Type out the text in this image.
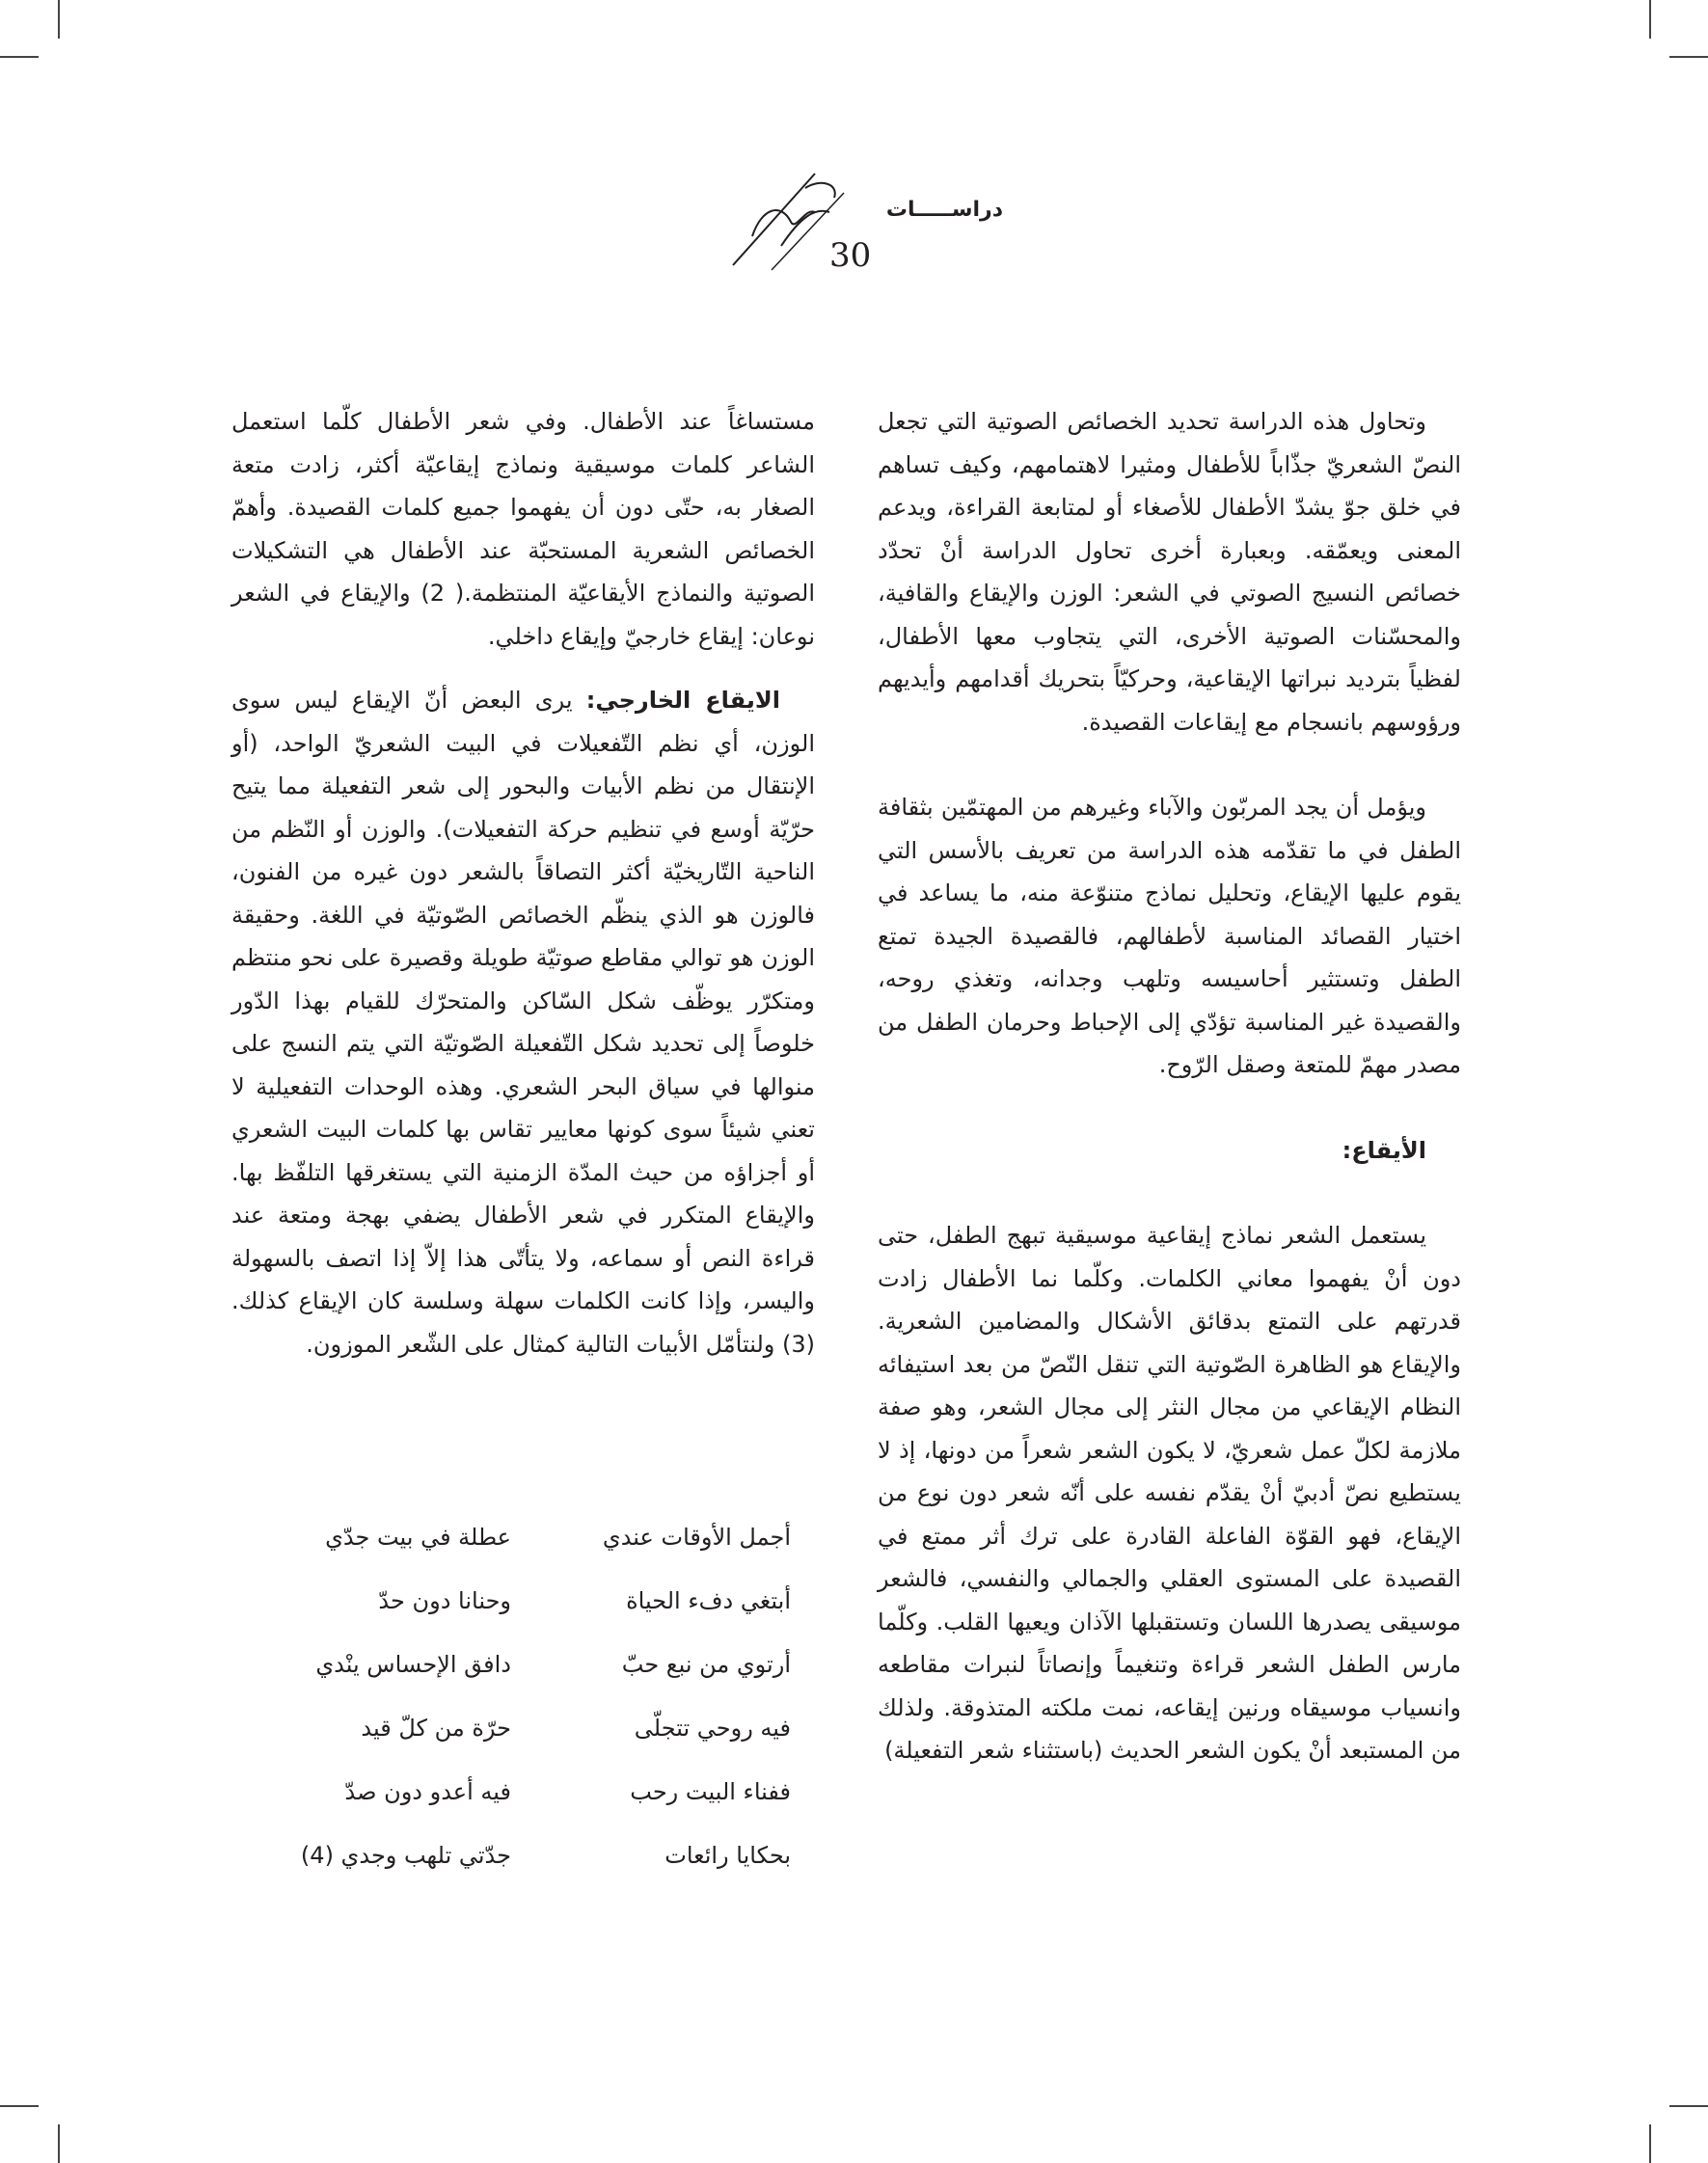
دراســـــات
30

وتحاول هذه الدراسة تحديد الخصائص الصوتية التي تجعل النصّ الشعريّ جذّاباً للأطفال ومثيرا لاهتمامهم، وكيف تساهم في خلق جوّ يشدّ الأطفال للأصغاء أو لمتابعة القراءة، ويدعم المعنى ويعمّقه. وبعبارة أخرى تحاول الدراسة أنْ تحدّد خصائص النسيج الصوتي في الشعر: الوزن والإيقاع والقافية، والمحسّنات الصوتية الأخرى، التي يتجاوب معها الأطفال، لفظياً بترديد نبراتها الإيقاعية، وحركيّاً بتحريك أقدامهم وأيديهم ورؤوسهم بانسجام مع إيقاعات القصيدة.

ويؤمل أن يجد المربّون والآباء وغيرهم من المهتمّين بثقافة الطفل في ما تقدّمه هذه الدراسة من تعريف بالأسس التي يقوم عليها الإيقاع، وتحليل نماذج متنوّعة منه، ما يساعد في اختيار القصائد المناسبة لأطفالهم، فالقصيدة الجيدة تمتع الطفل وتستثير أحاسيسه وتلهب وجدانه، وتغذي روحه، والقصيدة غير المناسبة تؤدّي إلى الإحباط وحرمان الطفل من مصدر مهمّ للمتعة وصقل الرّوح.

الأيقاع:

يستعمل الشعر نماذج إيقاعية موسيقية تبهج الطفل، حتى دون أنْ يفهموا معاني الكلمات. وكلّما نما الأطفال زادت قدرتهم على التمتع بدقائق الأشكال والمضامين الشعرية. والإيقاع هو الظاهرة الصّوتية التي تنقل النّصّ من بعد استيفائه النظام الإيقاعي من مجال النثر إلى مجال الشعر، وهو صفة ملازمة لكلّ عمل شعريّ، لا يكون الشعر شعراً من دونها، إذ لا يستطيع نصّ أدبيّ أنْ يقدّم نفسه على أنّه شعر دون نوع من الإيقاع، فهو القوّة الفاعلة القادرة على ترك أثر ممتع في القصيدة على المستوى العقلي والجمالي والنفسي، فالشعر موسيقى يصدرها اللسان وتستقبلها الآذان ويعيها القلب. وكلّما مارس الطفل الشعر قراءة وتنغيماً وإنصاتاً لنبرات مقاطعه وانسياب موسيقاه ورنين إيقاعه، نمت ملكته المتذوقة. ولذلك من المستبعد أنْ يكون الشعر الحديث (باستثناء شعر التفعيلة)

مستساغاً عند الأطفال. وفي شعر الأطفال كلّما استعمل الشاعر كلمات موسيقية ونماذج إيقاعيّة أكثر، زادت متعة الصغار به، حتّى دون أن يفهموا جميع كلمات القصيدة. وأهمّ الخصائص الشعرية المستحبّة عند الأطفال هي التشكيلات الصوتية والنماذج الأيقاعيّة المنتظمة.( 2) والإيقاع في الشعر نوعان: إيقاع خارجيّ وإيقاع داخلي.

الايقاع الخارجي: يرى البعض أنّ الإيقاع ليس سوى الوزن، أي نظم التّفعيلات في البيت الشعريّ الواحد، (أو الإنتقال من نظم الأبيات والبحور إلى شعر التفعيلة مما يتيح حرّيّة أوسع في تنظيم حركة التفعيلات). والوزن أو النّظم من الناحية التّاريخيّة أكثر التصاقاً بالشعر دون غيره من الفنون، فالوزن هو الذي ينظّم الخصائص الصّوتيّة في اللغة. وحقيقة الوزن هو توالي مقاطع صوتيّة طويلة وقصيرة على نحو منتظم ومتكرّر يوظّف شكل السّاكن والمتحرّك للقيام بهذا الدّور خلوصاً إلى تحديد شكل التّفعيلة الصّوتيّة التي يتم النسج على منوالها في سياق البحر الشعري. وهذه الوحدات التفعيلية لا تعني شيئاً سوى كونها معايير تقاس بها كلمات البيت الشعري أو أجزاؤه من حيث المدّة الزمنية التي يستغرقها التلفّظ بها. والإيقاع المتكرر في شعر الأطفال يضفي بهجة ومتعة عند قراءة النص أو سماعه، ولا يتأتّى هذا إلاّ إذا اتصف بالسهولة واليسر، وإذا كانت الكلمات سهلة وسلسة كان الإيقاع كذلك. (3) ولنتأمّل الأبيات التالية كمثال على الشّعر الموزون.

أجمل الأوقات عندي
عطلة في بيت جدّي
أبتغي دفء الحياة
وحنانا دون حدّ
أرتوي من نبع حبّ
دافق الإحساس ينْدي
فيه روحي تتجلّى
حرّة من كلّ قيد
ففناء البيت رحب
فيه أعدو دون صدّ
بحكايا رائعات
جدّتي تلهب وجدي (4)
